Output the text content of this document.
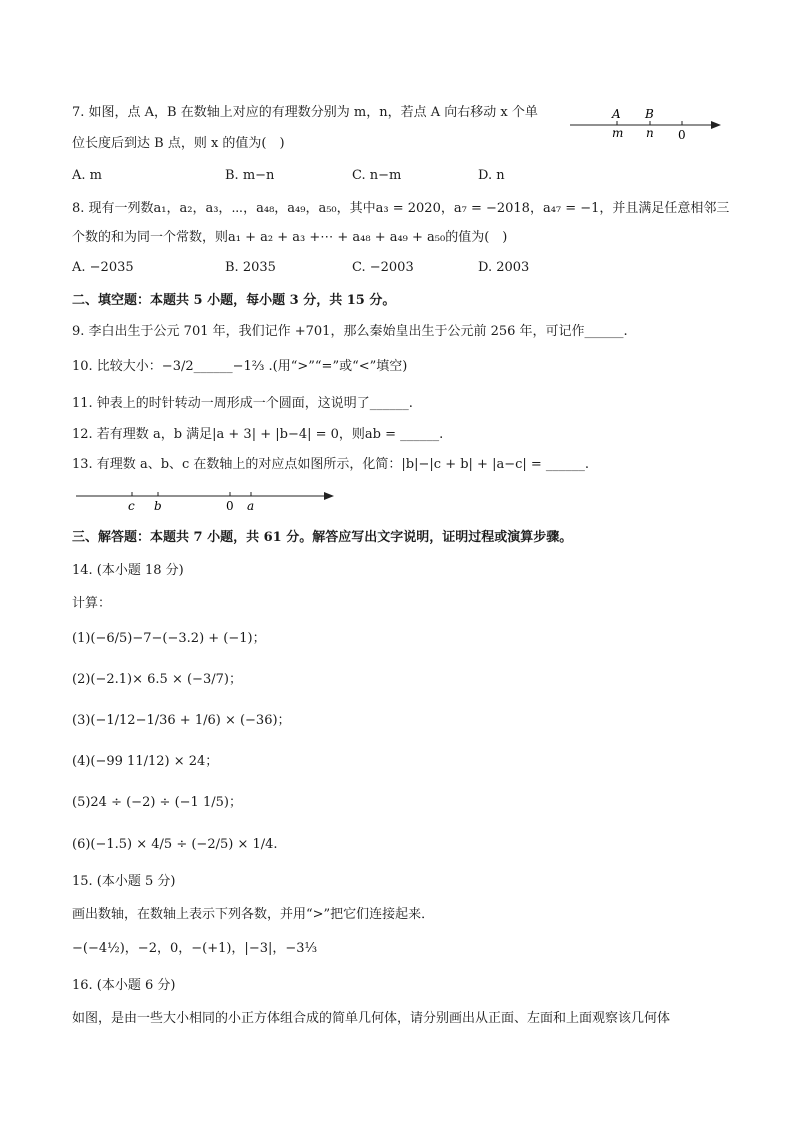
7. 如图，点 A，B 在数轴上对应的有理数分别为 m，n，若点 A 向右移动 x 个单
位长度后到达 B 点，则 x 的值为(　)
A B
m n 0
A. m	B. m−n	C. n−m	D. n
8. 现有一列数a₁，a₂，a₃，⋯，a₄₈，a₄₉，a₅₀，其中a₃ = 2020，a₇ = −2018，a₄₇ = −1，并且满足任意相邻三
个数的和为同一个常数，则a₁ + a₂ + a₃ +⋯ + a₄₈ + a₄₉ + a₅₀的值为(　)
A. −2035	B. 2035	C. −2003	D. 2003
二、填空题：本题共 5 小题，每小题 3 分，共 15 分。
9. 李白出生于公元 701 年，我们记作 +701，那么秦始皇出生于公元前 256 年，可记作______.
10. 比较大小：−3/2______−1⅔ .(用“>”“=”或“<”填空)
11. 钟表上的时针转动一周形成一个圆面，这说明了______.
12. 若有理数 a，b 满足|a + 3| + |b−4| = 0，则ab = ______.
13. 有理数 a、b、c 在数轴上的对应点如图所示，化简：|b|−|c + b| + |a−c| = ______.
c b	0 a
三、解答题：本题共 7 小题，共 61 分。解答应写出文字说明，证明过程或演算步骤。
14. (本小题 18 分)
计算：
(1)(−6/5)−7−(−3.2) + (−1)；
(2)(−2.1)× 6.5 × (−3/7)；
(3)(−1/12−1/36 + 1/6) × (−36)；
(4)(−99 11/12) × 24；
(5)24 ÷ (−2) ÷ (−1 1/5)；
(6)(−1.5) × 4/5 ÷ (−2/5) × 1/4.
15. (本小题 5 分)
画出数轴，在数轴上表示下列各数，并用“>”把它们连接起来．
−(−4½)，−2，0，−(+1)，|−3|，−3⅓
16. (本小题 6 分)
如图，是由一些大小相同的小正方体组合成的简单几何体，请分别画出从正面、左面和上面观察该几何体
